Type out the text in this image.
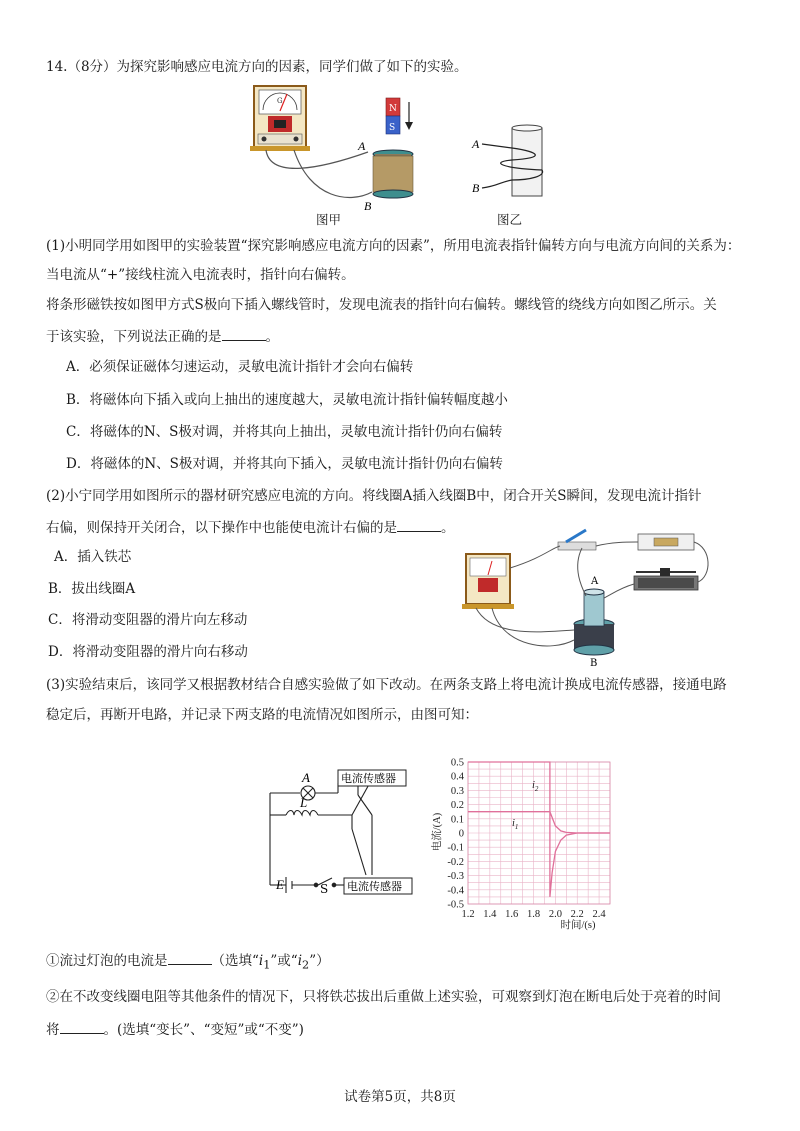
14.（8分）为探究影响感应电流方向的因素，同学们做了如下的实验。
G
N
S
A
B
图甲
A
B
图乙
(1)小明同学用如图甲的实验装置“探究影响感应电流方向的因素”，所用电流表指针偏转方向与电流方向间的关系为：
当电流从“+”接线柱流入电流表时，指针向右偏转。
将条形磁铁按如图甲方式S极向下插入螺线管时，发现电流表的指针向右偏转。螺线管的绕线方向如图乙所示。关
于该实验，下列说法正确的是	。
A．必须保证磁体匀速运动，灵敏电流计指针才会向右偏转
B．将磁体向下插入或向上抽出的速度越大，灵敏电流计指针偏转幅度越小
C．将磁体的N、S极对调，并将其向上抽出，灵敏电流计指针仍向右偏转
D．将磁体的N、S极对调，并将其向下插入，灵敏电流计指针仍向右偏转
(2)小宁同学用如图所示的器材研究感应电流的方向。将线圈A插入线圈B中，闭合开关S瞬间，发现电流计指针
右偏，则保持开关闭合，以下操作中也能使电流计右偏的是	。
A．插入铁芯
B．拔出线圈A
C．将滑动变阻器的滑片向左移动
D．将滑动变阻器的滑片向右移动
A
B
(3)实验结束后，该同学又根据教材结合自感实验做了如下改动。在两条支路上将电流计换成电流传感器，接通电路
稳定后，再断开电路，并记录下两支路的电流情况如图所示，由图可知：
电流传感器
电流传感器
A
L
E	S
0.5
0.4
0.3
0.2
0.1
0
-0.1
-0.2
-0.3
-0.4
-0.5
1.2 1.4 1.6 1.8 2.0 2.2 2.4
电流/(A)
时间/(s)
$i_2$
$i_1$
①流过灯泡的电流是	（选填“$i_1$”或“$i_2$”）
②在不改变线圈电阻等其他条件的情况下，只将铁芯拔出后重做上述实验，可观察到灯泡在断电后处于亮着的时间
将	。(选填“变长”、“变短”或“不变”)
试卷第5页，共8页
